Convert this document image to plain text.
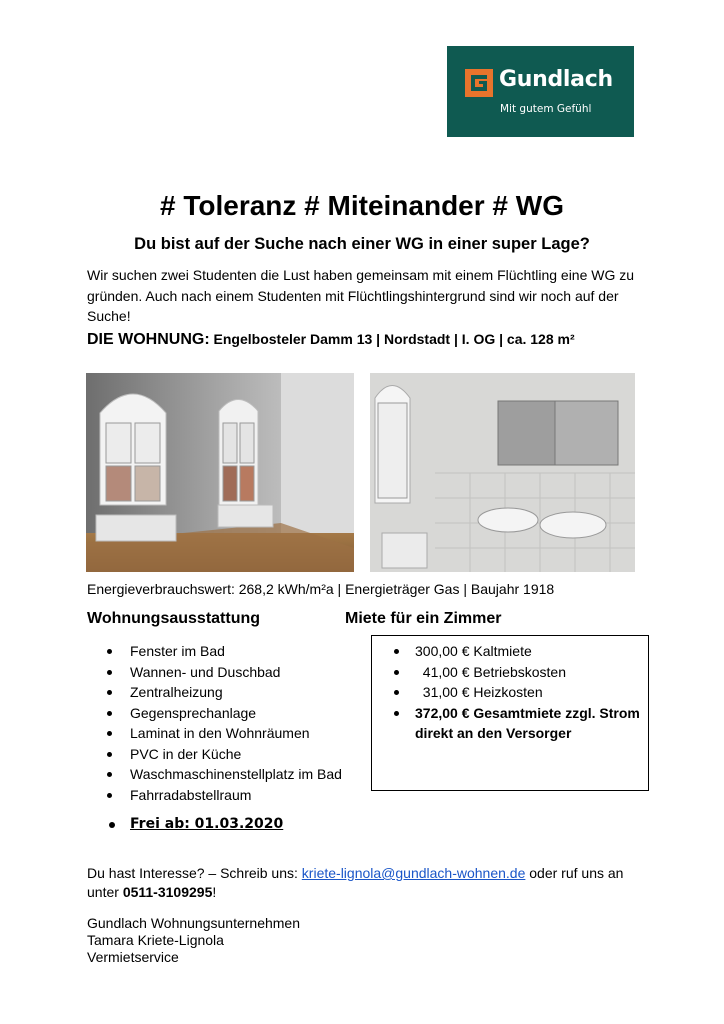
Gundlach
Mit gutem Gefühl
# Toleranz # Miteinander # WG
Du bist auf der Suche nach einer WG in einer super Lage?
Wir suchen zwei Studenten die Lust haben gemeinsam mit einem Flüchtling eine WG zu gründen. Auch nach einem Studenten mit Flüchtlingshintergrund sind wir noch auf der Suche!
DIE WOHNUNG: Engelbosteler Damm 13 | Nordstadt | I. OG | ca. 128 m²
Energieverbrauchswert: 268,2 kWh/m²a | Energieträger Gas | Baujahr 1918
Wohnungsausstattung	Miete für ein Zimmer
Fenster im Bad
Wannen- und Duschbad
Zentralheizung
Gegensprechanlage
Laminat in den Wohnräumen
PVC in der Küche
Waschmaschinenstellplatz im Bad
Fahrradabstellraum
300,00 € Kaltmiete
41,00 € Betriebskosten
31,00 € Heizkosten
372,00 € Gesamtmiete zzgl. Strom direkt an den Versorger
Frei ab: 01.03.2020
Du hast Interesse? – Schreib uns: kriete-lignola@gundlach-wohnen.de oder ruf uns an unter 0511-3109295!
Gundlach Wohnungsunternehmen
Tamara Kriete-Lignola
Vermietservice
